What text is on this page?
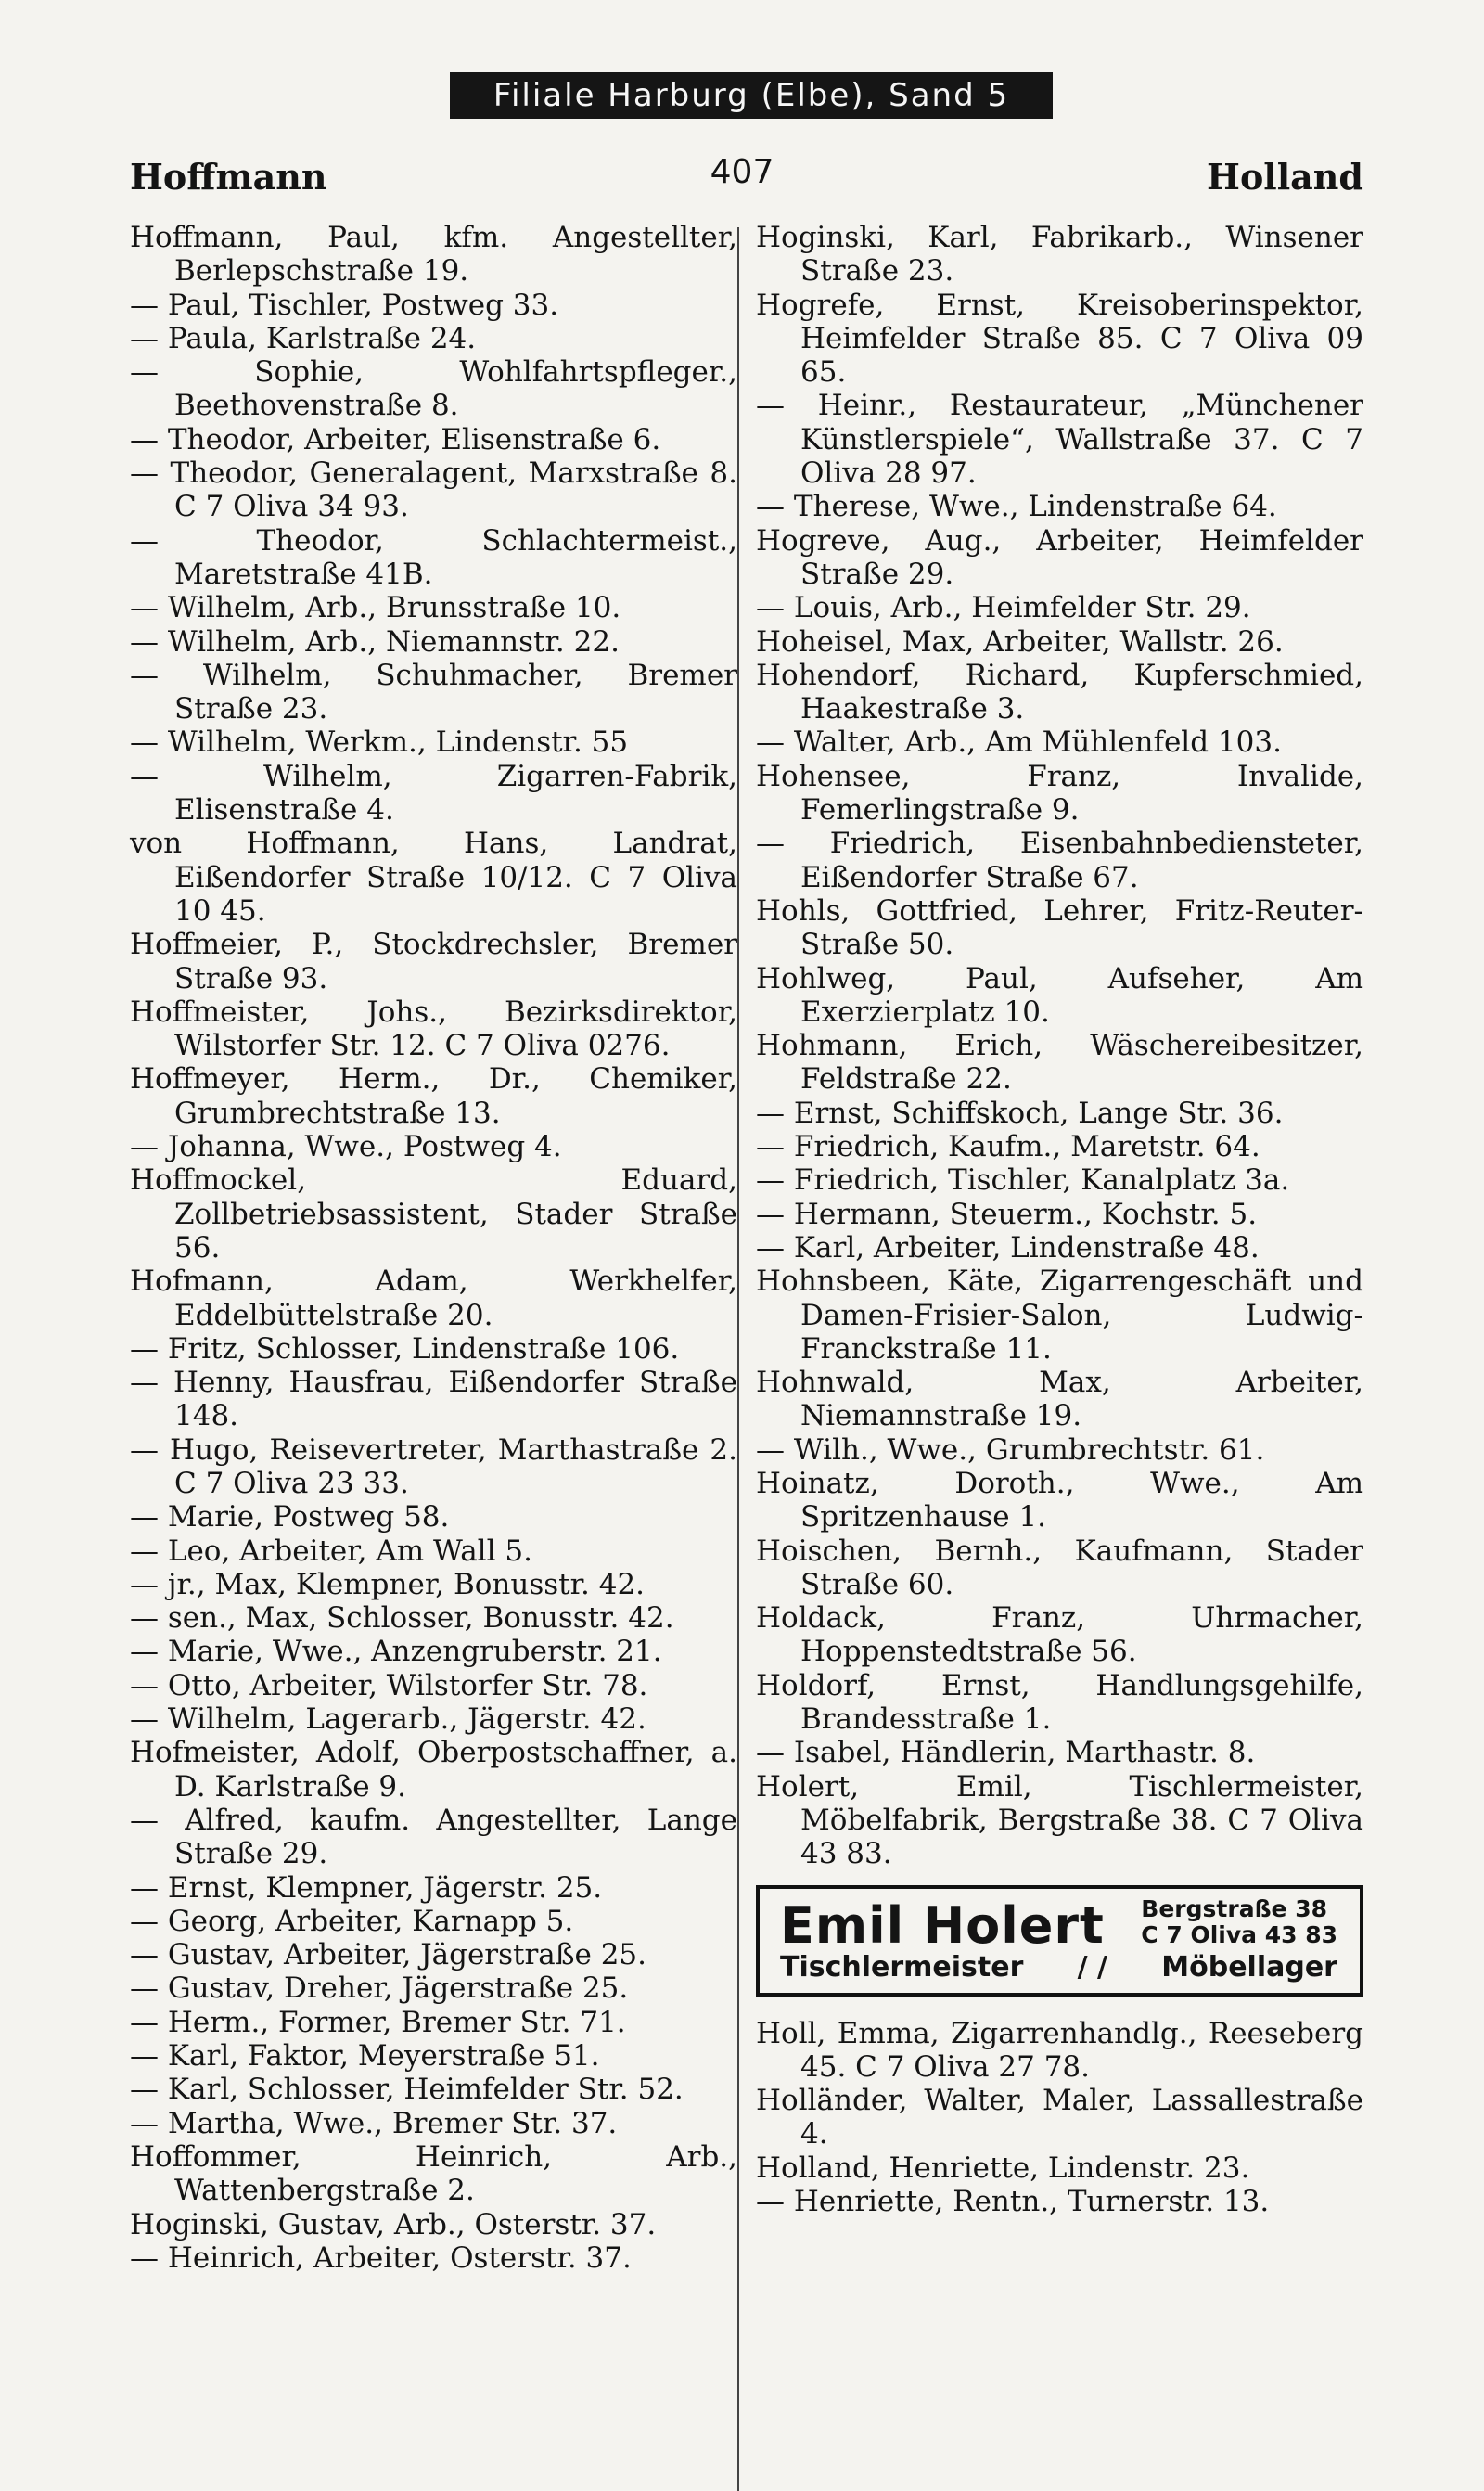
Filiale Harburg (Elbe), Sand 5
Hoffmann	407	Holland
Hoffmann, Paul, kfm. Angestellter, Berlepschstraße 19.
— Paul, Tischler, Postweg 33.
— Paula, Karlstraße 24.
— Sophie, Wohlfahrtspfleger., Beethovenstraße 8.
— Theodor, Arbeiter, Elisenstraße 6.
— Theodor, Generalagent, Marxstraße 8. C 7 Oliva 34 93.
— Theodor, Schlachtermeist., Maretstraße 41B.
— Wilhelm, Arb., Brunsstraße 10.
— Wilhelm, Arb., Niemannstr. 22.
— Wilhelm, Schuhmacher, Bremer Straße 23.
— Wilhelm, Werkm., Lindenstr. 55
— Wilhelm, Zigarren-Fabrik, Elisenstraße 4.
von Hoffmann, Hans, Landrat, Eißendorfer Straße 10/12. C 7 Oliva 10 45.
Hoffmeier, P., Stockdrechsler, Bremer Straße 93.
Hoffmeister, Johs., Bezirksdirektor, Wilstorfer Str. 12. C 7 Oliva 0276.
Hoffmeyer, Herm., Dr., Chemiker, Grumbrechtstraße 13.
— Johanna, Wwe., Postweg 4.
Hoffmockel, Eduard, Zollbetriebsassistent, Stader Straße 56.
Hofmann, Adam, Werkhelfer, Eddelbüttelstraße 20.
— Fritz, Schlosser, Lindenstraße 106.
— Henny, Hausfrau, Eißendorfer Straße 148.
— Hugo, Reisevertreter, Marthastraße 2. C 7 Oliva 23 33.
— Marie, Postweg 58.
— Leo, Arbeiter, Am Wall 5.
— jr., Max, Klempner, Bonusstr. 42.
— sen., Max, Schlosser, Bonusstr. 42.
— Marie, Wwe., Anzengruberstr. 21.
— Otto, Arbeiter, Wilstorfer Str. 78.
— Wilhelm, Lagerarb., Jägerstr. 42.
Hofmeister, Adolf, Oberpostschaffner, a. D. Karlstraße 9.
— Alfred, kaufm. Angestellter, Lange Straße 29.
— Ernst, Klempner, Jägerstr. 25.
— Georg, Arbeiter, Karnapp 5.
— Gustav, Arbeiter, Jägerstraße 25.
— Gustav, Dreher, Jägerstraße 25.
— Herm., Former, Bremer Str. 71.
— Karl, Faktor, Meyerstraße 51.
— Karl, Schlosser, Heimfelder Str. 52.
— Martha, Wwe., Bremer Str. 37.
Hoffommer, Heinrich, Arb., Wattenbergstraße 2.
Hoginski, Gustav, Arb., Osterstr. 37.
— Heinrich, Arbeiter, Osterstr. 37.
Hoginski, Karl, Fabrikarb., Winsener Straße 23.
Hogrefe, Ernst, Kreisoberinspektor, Heimfelder Straße 85. C 7 Oliva 09 65.
— Heinr., Restaurateur, „Münchener Künstlerspiele“, Wallstraße 37. C 7 Oliva 28 97.
— Therese, Wwe., Lindenstraße 64.
Hogreve, Aug., Arbeiter, Heimfelder Straße 29.
— Louis, Arb., Heimfelder Str. 29.
Hoheisel, Max, Arbeiter, Wallstr. 26.
Hohendorf, Richard, Kupferschmied, Haakestraße 3.
— Walter, Arb., Am Mühlenfeld 103.
Hohensee, Franz, Invalide, Femerlingstraße 9.
— Friedrich, Eisenbahnbediensteter, Eißendorfer Straße 67.
Hohls, Gottfried, Lehrer, Fritz-Reuter-Straße 50.
Hohlweg, Paul, Aufseher, Am Exerzierplatz 10.
Hohmann, Erich, Wäschereibesitzer, Feldstraße 22.
— Ernst, Schiffskoch, Lange Str. 36.
— Friedrich, Kaufm., Maretstr. 64.
— Friedrich, Tischler, Kanalplatz 3a.
— Hermann, Steuerm., Kochstr. 5.
— Karl, Arbeiter, Lindenstraße 48.
Hohnsbeen, Käte, Zigarrengeschäft und Damen-Frisier-Salon, Ludwig-Franckstraße 11.
Hohnwald, Max, Arbeiter, Niemannstraße 19.
— Wilh., Wwe., Grumbrechtstr. 61.
Hoinatz, Doroth., Wwe., Am Spritzenhause 1.
Hoischen, Bernh., Kaufmann, Stader Straße 60.
Holdack, Franz, Uhrmacher, Hoppenstedtstraße 56.
Holdorf, Ernst, Handlungsgehilfe, Brandesstraße 1.
— Isabel, Händlerin, Marthastr. 8.
Holert, Emil, Tischlermeister, Möbelfabrik, Bergstraße 38. C 7 Oliva 43 83.
Emil Holert Bergstraße 38
C 7 Oliva 43 83
Tischlermeister / / Möbellager
Holl, Emma, Zigarrenhandlg., Reeseberg 45. C 7 Oliva 27 78.
Holländer, Walter, Maler, Lassallestraße 4.
Holland, Henriette, Lindenstr. 23.
— Henriette, Rentn., Turnerstr. 13.
